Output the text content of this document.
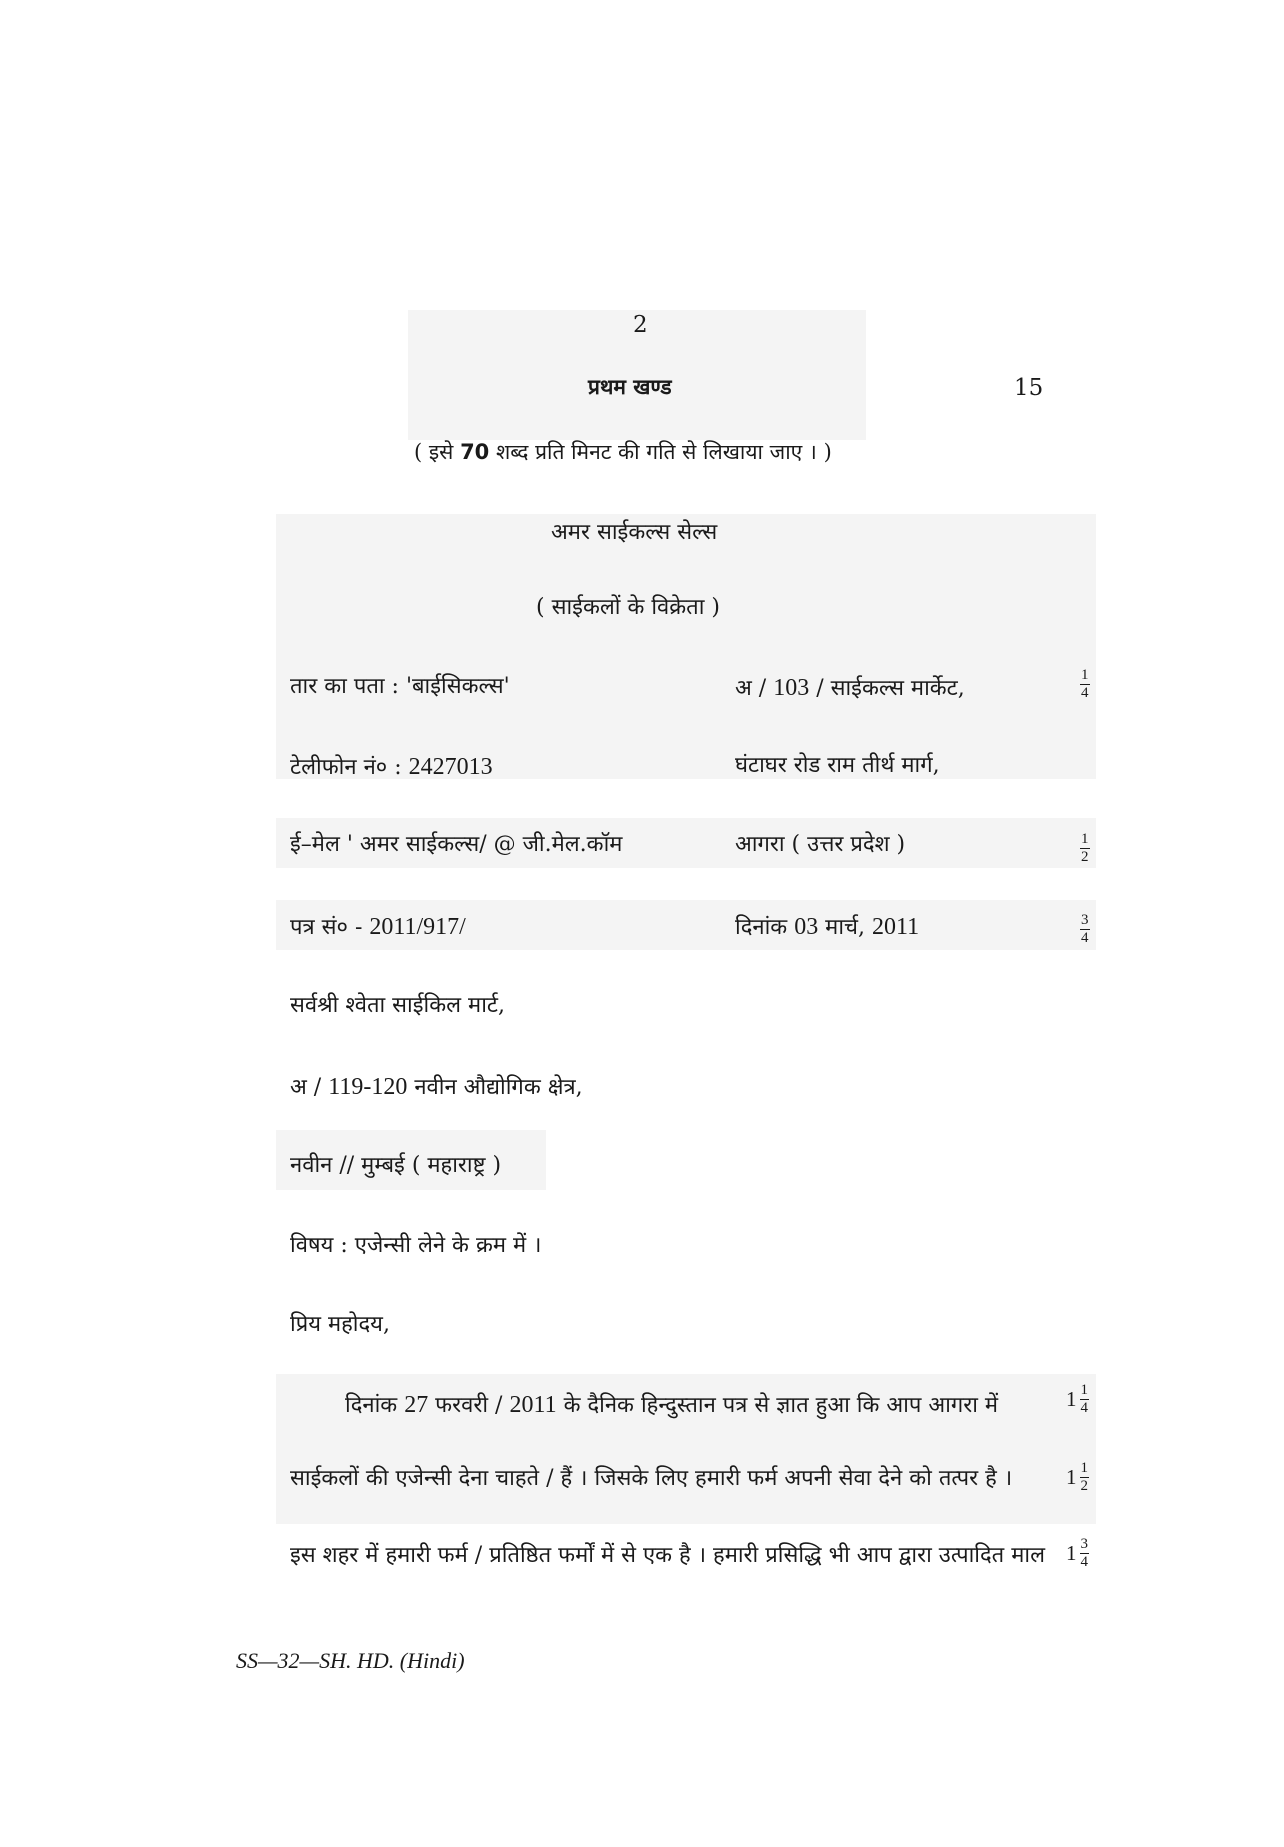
2
प्रथम खण्ड	15
( इसे 70 शब्द प्रति मिनट की गति से लिखाया जाए । )
अमर साईकल्स सेल्स
( साईकलों के विक्रेता )
तार का पता : 'बाईसिकल्स'	अ / 103 / साईकल्स मार्केट,	$\frac{1}{4}$
टेलीफोन नं० : 2427013	घंटाघर रोड राम तीर्थ मार्ग,
ई–मेल ' अमर साईकल्स/ @ जी.मेल.कॉम	आगरा ( उत्तर प्रदेश )	$\frac{1}{2}$
पत्र सं० - 2011/917/	दिनांक 03 मार्च, 2011	$\frac{3}{4}$
सर्वश्री श्वेता साईकिल मार्ट,
अ / 119-120 नवीन औद्योगिक क्षेत्र,
नवीन // मुम्बई ( महाराष्ट्र )
विषय : एजेन्सी लेने के क्रम में ।
प्रिय महोदय,
दिनांक 27 फरवरी / 2011 के दैनिक हिन्दुस्तान पत्र से ज्ञात हुआ कि आप आगरा में	$1 \frac{1}{4}$
साईकलों की एजेन्सी देना चाहते / हैं । जिसके लिए हमारी फर्म अपनी सेवा देने को तत्पर है ।	$1 \frac{1}{2}$
इस शहर में हमारी फर्म / प्रतिष्ठित फर्मों में से एक है । हमारी प्रसिद्धि भी आप द्वारा उत्पादित माल $1 \frac{3}{4}$
SS—32—SH. HD. (Hindi)
